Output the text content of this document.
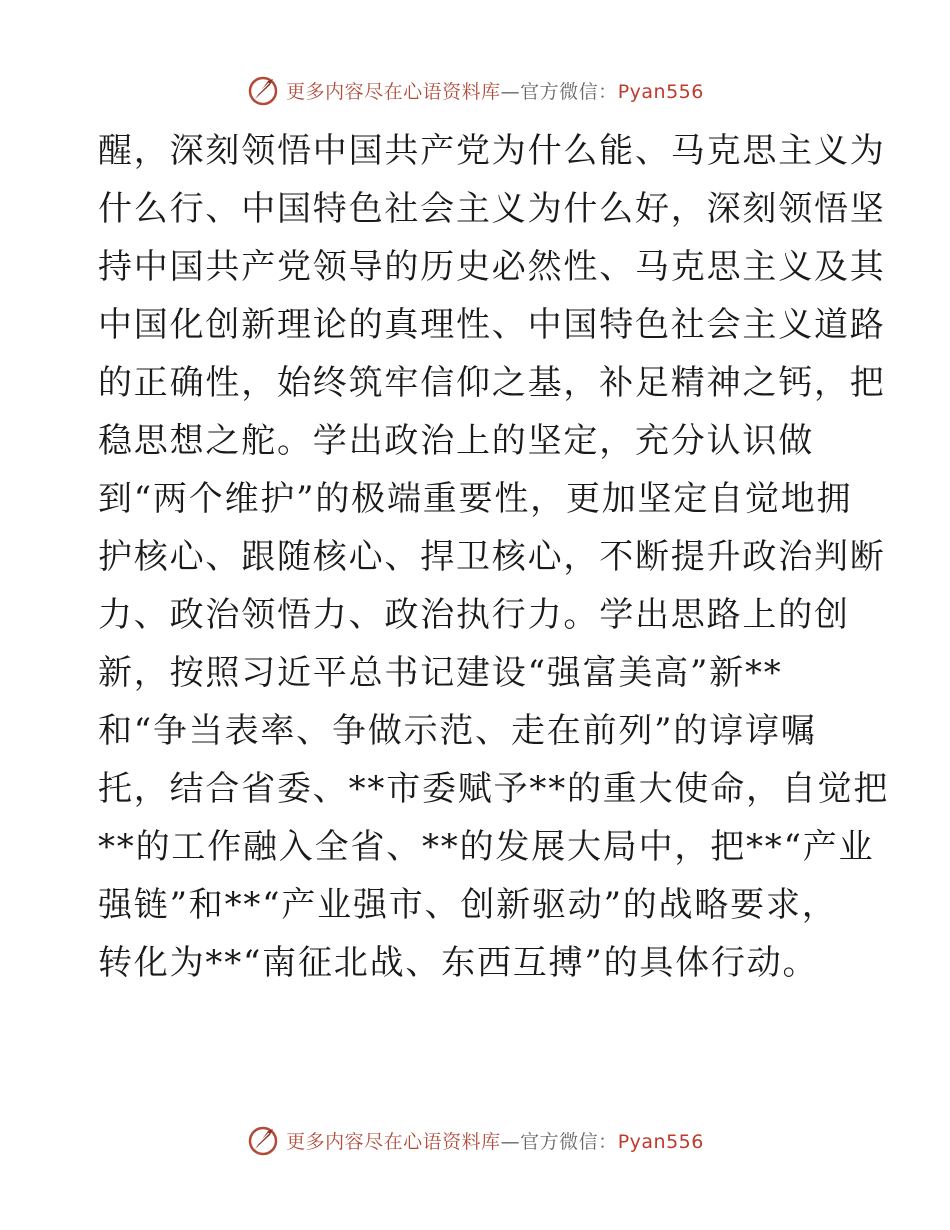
更多内容尽在心语资料库—官方微信：Pyan556
醒，深刻领悟中国共产党为什么能、马克思主义为
什么行、中国特色社会主义为什么好，深刻领悟坚
持中国共产党领导的历史必然性、马克思主义及其
中国化创新理论的真理性、中国特色社会主义道路
的正确性，始终筑牢信仰之基，补足精神之钙，把
稳思想之舵。学出政治上的坚定，充分认识做
到“两个维护”的极端重要性，更加坚定自觉地拥
护核心、跟随核心、捍卫核心，不断提升政治判断
力、政治领悟力、政治执行力。学出思路上的创
新，按照习近平总书记建设“强富美高”新**
和“争当表率、争做示范、走在前列”的谆谆嘱
托，结合省委、**市委赋予**的重大使命，自觉把
**的工作融入全省、**的发展大局中，把**“产业
强链”和**“产业强市、创新驱动”的战略要求，
转化为**“南征北战、东西互搏”的具体行动。
更多内容尽在心语资料库—官方微信：Pyan556
